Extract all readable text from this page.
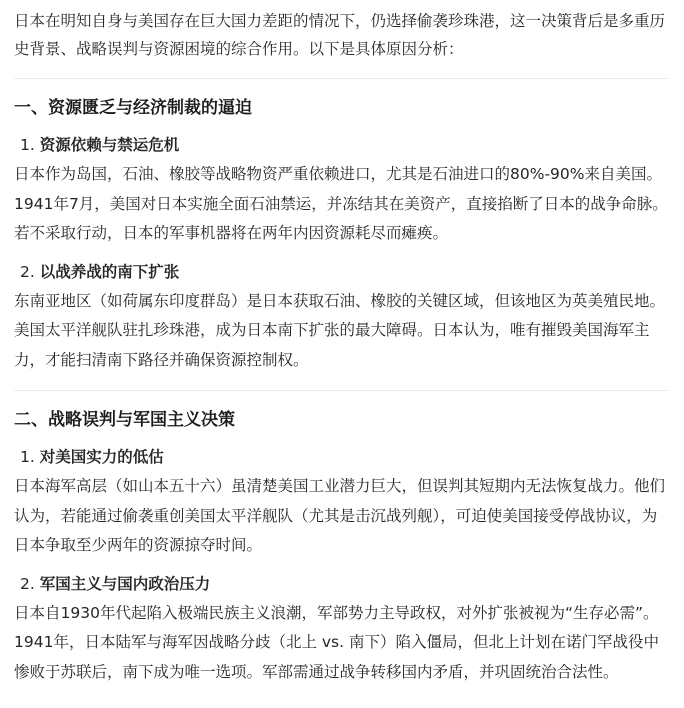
日本在明知自身与美国存在巨大国力差距的情况下，仍选择偷袭珍珠港，这一决策背后是多重历史背景、战略误判与资源困境的综合作用。以下是具体原因分析：

一、资源匮乏与经济制裁的逼迫
1. 资源依赖与禁运危机

日本作为岛国，石油、橡胶等战略物资严重依赖进口，尤其是石油进口的80%-90%来自美国。1941年7月，美国对日本实施全面石油禁运，并冻结其在美资产，直接掐断了日本的战争命脉。若不采取行动，日本的军事机器将在两年内因资源耗尽而瘫痪。

2. 以战养战的南下扩张

东南亚地区（如荷属东印度群岛）是日本获取石油、橡胶的关键区域，但该地区为英美殖民地。美国太平洋舰队驻扎珍珠港，成为日本南下扩张的最大障碍。日本认为，唯有摧毁美国海军主力，才能扫清南下路径并确保资源控制权。

二、战略误判与军国主义决策
1. 对美国实力的低估

日本海军高层（如山本五十六）虽清楚美国工业潜力巨大，但误判其短期内无法恢复战力。他们认为，若能通过偷袭重创美国太平洋舰队（尤其是击沉战列舰），可迫使美国接受停战协议，为日本争取至少两年的资源掠夺时间。

2. 军国主义与国内政治压力

日本自1930年代起陷入极端民族主义浪潮，军部势力主导政权，对外扩张被视为“生存必需”。1941年，日本陆军与海军因战略分歧（北上 vs. 南下）陷入僵局，但北上计划在诺门罕战役中惨败于苏联后，南下成为唯一选项。军部需通过战争转移国内矛盾，并巩固统治合法性。
